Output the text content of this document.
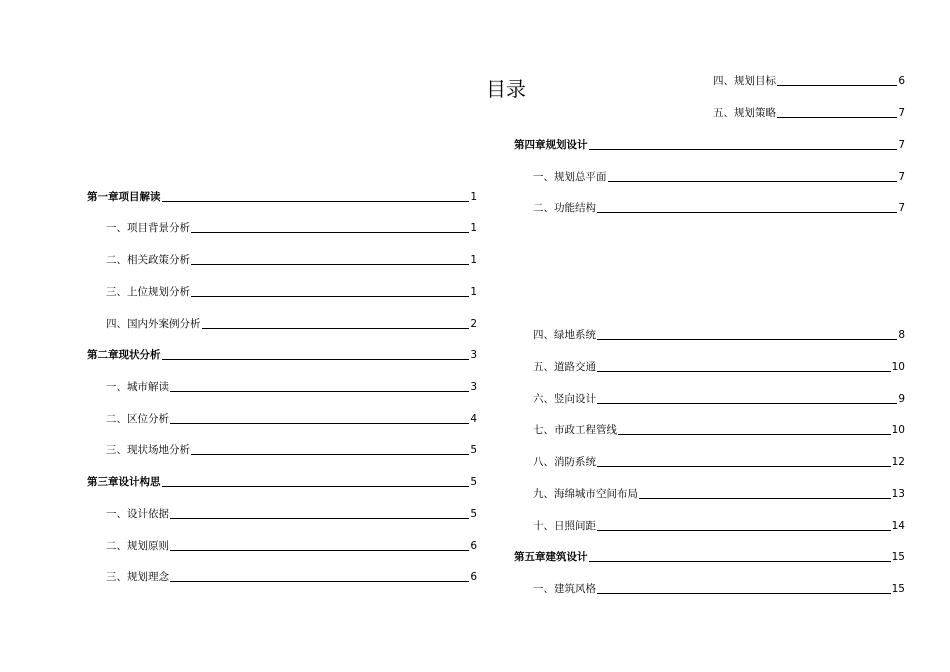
目录
第一章项目解读	1
一、项目背景分析	1
二、相关政策分析	1
三、上位规划分析	1
四、国内外案例分析	2
第二章现状分析	3
一、城市解读	3
二、区位分析	4
三、现状场地分析	5
第三章设计构思	5
一、设计依据	5
二、规划原则	6
三、规划理念	6
四、规划目标	6
五、规划策略	7
第四章规划设计	7
一、规划总平面	7
二、功能结构	7
四、绿地系统	8
五、道路交通	10
六、竖向设计	9
七、市政工程管线	10
八、消防系统	12
九、海绵城市空间布局	13
十、日照间距	14
第五章建筑设计	15
一、建筑风格	15
